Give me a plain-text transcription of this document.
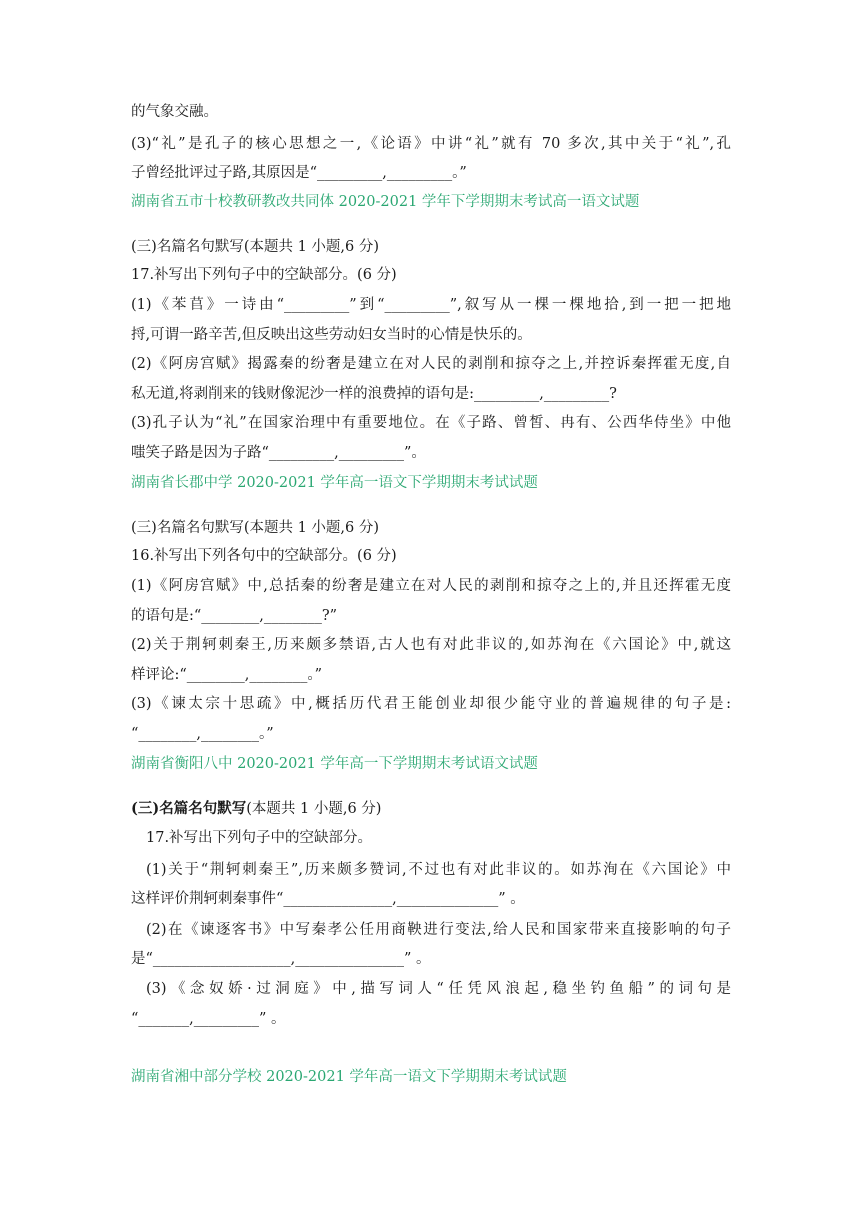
的气象交融。
(3)“礼”是孔子的核心思想之一,《论语》中讲“礼”就有 70 多次,其中关于“礼”,孔
子曾经批评过子路,其原因是“_________,_________。”
湖南省五市十校教研教改共同体 2020-2021 学年下学期期末考试高一语文试题
(三)名篇名句默写(本题共 1 小题,6 分)
17.补写出下列句子中的空缺部分。(6 分)
(1)《苯苢》一诗由“_________”到“_________”,叙写从一棵一棵地拾,到一把一把地
捋,可谓一路辛苦,但反映出这些劳动妇女当时的心情是快乐的。
(2)《阿房宫赋》揭露秦的纷奢是建立在对人民的剥削和掠夺之上,并控诉秦挥霍无度,自
私无道,将剥削来的钱财像泥沙一样的浪费掉的语句是:_________,_________?
(3)孔子认为“礼”在国家治理中有重要地位。在《子路、曾皙、冉有、公西华侍坐》中他
嗤笑子路是因为子路“_________,_________”。
湖南省长郡中学 2020-2021 学年高一语文下学期期末考试试题
(三)名篇名句默写(本题共 1 小题,6 分)
16.补写出下列各句中的空缺部分。(6 分)
(1)《阿房宫赋》中,总括秦的纷奢是建立在对人民的剥削和掠夺之上的,并且还挥霍无度
的语句是:“________,________?”
(2)关于荆轲刺秦王,历来颇多禁语,古人也有对此非议的,如苏洵在《六国论》中,就这
样评论:“________,________。”
(3)《谏太宗十思疏》中,概括历代君王能创业却很少能守业的普遍规律的句子是:
“________,________。”
湖南省衡阳八中 2020-2021 学年高一下学期期末考试语文试题
(三)名篇名句默写(本题共 1 小题,6 分)
17.补写出下列句子中的空缺部分。
(1)关于“荆轲刺秦王”,历来颇多赞词,不过也有对此非议的。如苏洵在《六国论》中
这样评价荆轲刺秦事件“_______________,______________” 。
(2)在《谏逐客书》中写秦孝公任用商鞅进行变法,给人民和国家带来直接影响的句子
是“___________________,_______________” 。
(3)《念奴娇·过洞庭》中,描写词人“任凭风浪起,稳坐钓鱼船”的词句是
“_______,_________” 。
湖南省湘中部分学校 2020-2021 学年高一语文下学期期末考试试题
